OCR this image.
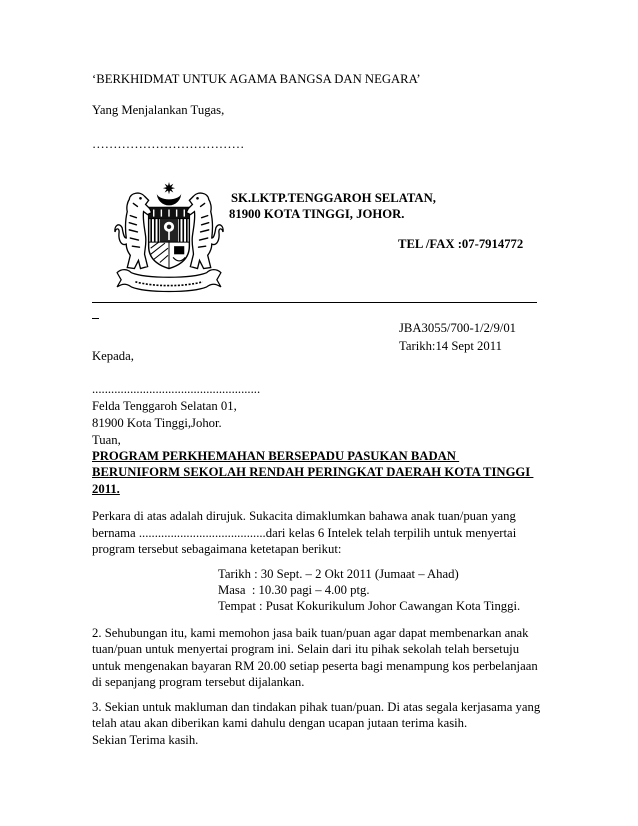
‘BERKHIDMAT UNTUK AGAMA BANGSA DAN NEGARA’
Yang Menjalankan Tugas,
………………………………
SK.LKTP.TENGGAROH SELATAN,
81900 KOTA TINGGI, JOHOR.
TEL /FAX :07-7914772
JBA3055/700-1/2/9/01
Tarikh:14 Sept 2011
Kepada,
.....................................................
Felda Tenggaroh Selatan 01,
81900 Kota Tinggi,Johor.
Tuan,
PROGRAM PERKHEMAHAN BERSEPADU PASUKAN BADAN
BERUNIFORM SEKOLAH RENDAH PERINGKAT DAERAH KOTA TINGGI
2011.
Perkara di atas adalah dirujuk. Sukacita dimaklumkan bahawa anak tuan/puan yang
bernama ........................................dari kelas 6 Intelek telah terpilih untuk menyertai
program tersebut sebagaimana ketetapan berikut:
Tarikh : 30 Sept. – 2 Okt 2011 (Jumaat – Ahad)
Masa  : 10.30 pagi – 4.00 ptg.
Tempat : Pusat Kokurikulum Johor Cawangan Kota Tinggi.
2. Sehubungan itu, kami memohon jasa baik tuan/puan agar dapat membenarkan anak
tuan/puan untuk menyertai program ini. Selain dari itu pihak sekolah telah bersetuju
untuk mengenakan bayaran RM 20.00 setiap peserta bagi menampung kos perbelanjaan
di sepanjang program tersebut dijalankan.
3. Sekian untuk makluman dan tindakan pihak tuan/puan. Di atas segala kerjasama yang
telah atau akan diberikan kami dahulu dengan ucapan jutaan terima kasih.
Sekian Terima kasih.
